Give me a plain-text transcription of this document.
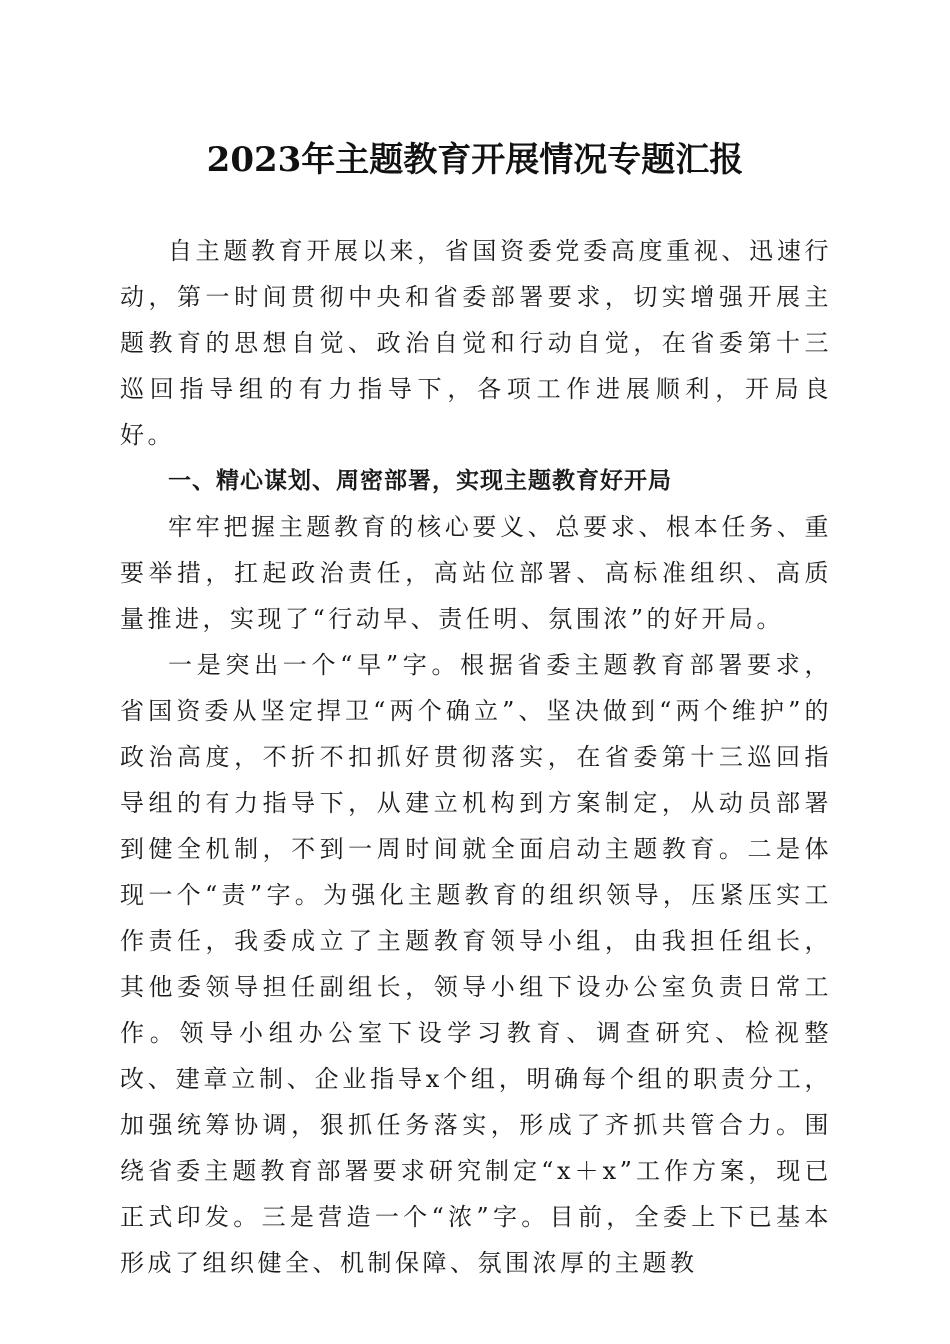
2023年主题教育开展情况专题汇报

自主题教育开展以来，省国资委党委高度重视、迅速行动，第一时间贯彻中央和省委部署要求，切实增强开展主题教育的思想自觉、政治自觉和行动自觉，在省委第十三巡回指导组的有力指导下，各项工作进展顺利，开局良好。

一、精心谋划、周密部署，实现主题教育好开局

牢牢把握主题教育的核心要义、总要求、根本任务、重要举措，扛起政治责任，高站位部署、高标准组织、高质量推进，实现了“行动早、责任明、氛围浓”的好开局。

一是突出一个“早”字。根据省委主题教育部署要求，省国资委从坚定捍卫“两个确立”、坚决做到“两个维护”的政治高度，不折不扣抓好贯彻落实，在省委第十三巡回指导组的有力指导下，从建立机构到方案制定，从动员部署到健全机制，不到一周时间就全面启动主题教育。二是体现一个“责”字。为强化主题教育的组织领导，压紧压实工作责任，我委成立了主题教育领导小组，由我担任组长，其他委领导担任副组长，领导小组下设办公室负责日常工作。领导小组办公室下设学习教育、调查研究、检视整改、建章立制、企业指导x个组，明确每个组的职责分工，加强统筹协调，狠抓任务落实，形成了齐抓共管合力。围绕省委主题教育部署要求研究制定“x＋x”工作方案，现已正式印发。三是营造一个“浓”字。目前，全委上下已基本形成了组织健全、机制保障、氛围浓厚的主题教
